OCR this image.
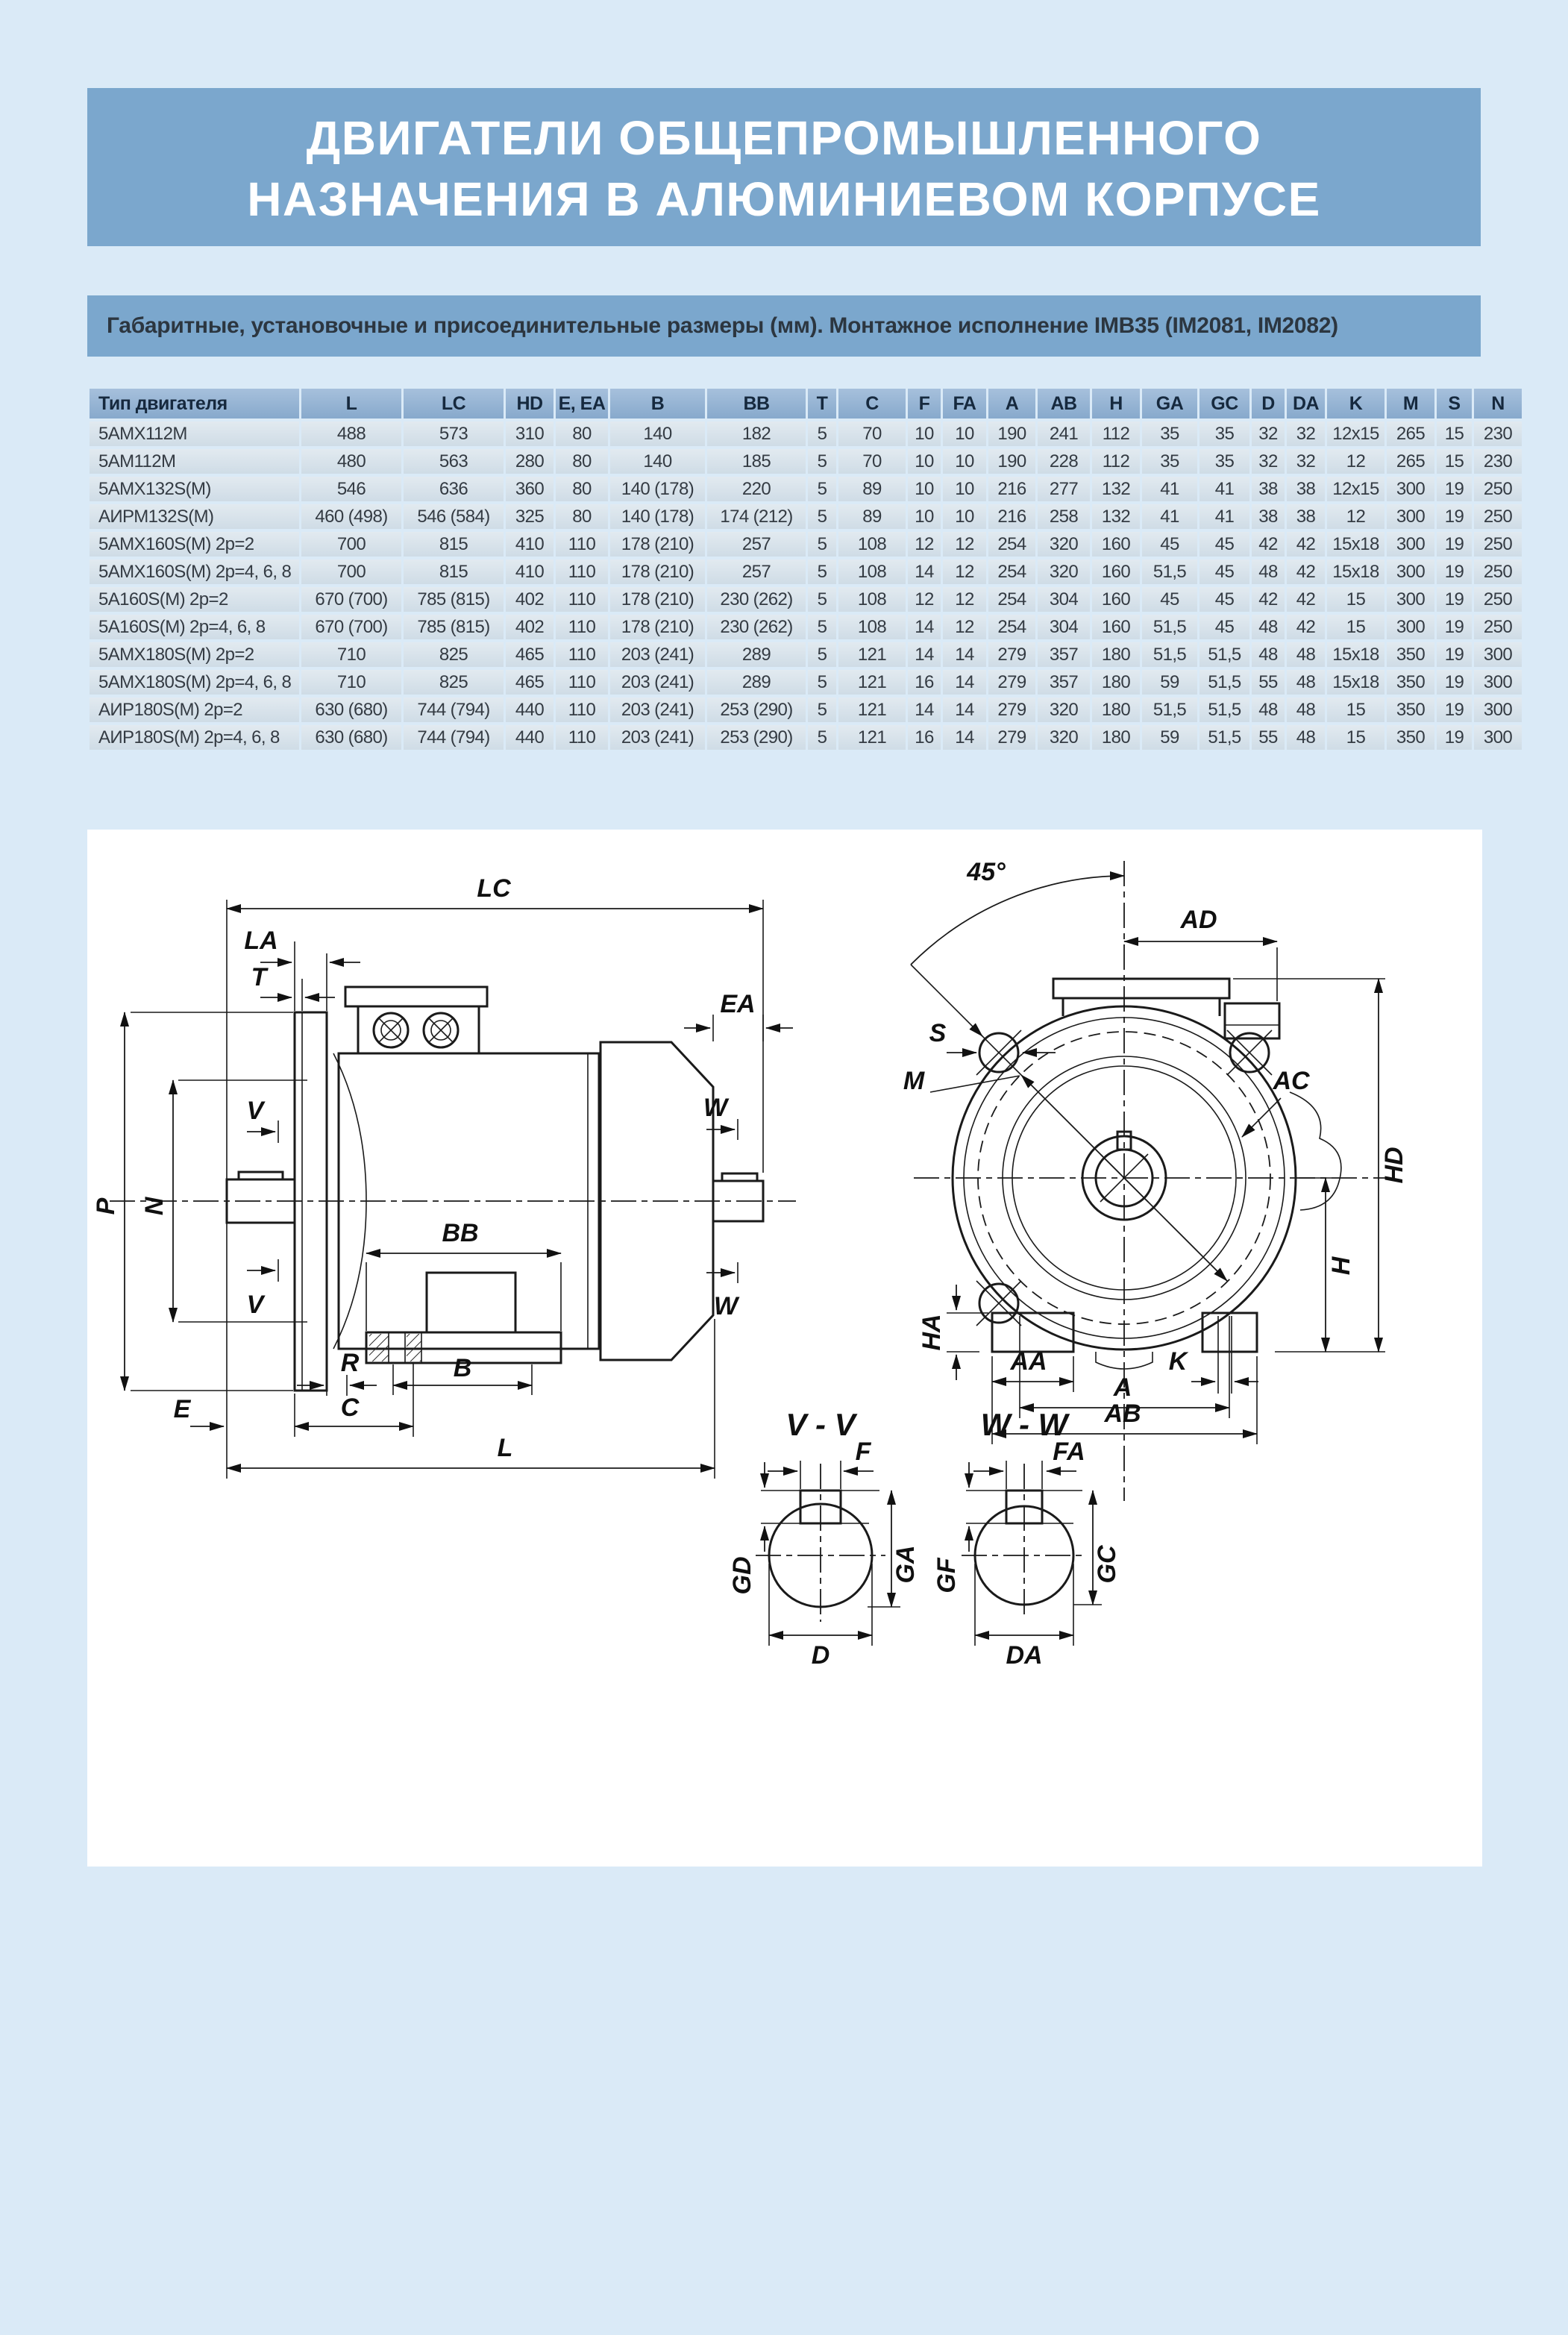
ДВИГАТЕЛИ ОБЩЕПРОМЫШЛЕННОГО
НАЗНАЧЕНИЯ В АЛЮМИНИЕВОМ КОРПУСЕ
Габаритные, установочные и присоединительные размеры (мм). Монтажное исполнение IMB35 (IM2081, IM2082)
Тип двигателя	L	LC	HD	E, EA	B	BB	T	C	F	FA	A	AB	H	GA	GC	D	DA	K	M	S	N
5АМХ112М	488	573	310	80	140	182	5	70	10	10	190	241	112	35	35	32	32	12x15	265	15	230
5АМ112М	480	563	280	80	140	185	5	70	10	10	190	228	112	35	35	32	32	12	265	15	230
5АМХ132S(М)	546	636	360	80	140 (178)	220	5	89	10	10	216	277	132	41	41	38	38	12x15	300	19	250
АИРМ132S(М)	460 (498)	546 (584)	325	80	140 (178)	174 (212)	5	89	10	10	216	258	132	41	41	38	38	12	300	19	250
5АМХ160S(М) 2p=2	700	815	410	110	178 (210)	257	5	108	12	12	254	320	160	45	45	42	42	15x18	300	19	250
5АМХ160S(М) 2p=4, 6, 8	700	815	410	110	178 (210)	257	5	108	14	12	254	320	160	51,5	45	48	42	15x18	300	19	250
5А160S(М) 2p=2	670 (700)	785 (815)	402	110	178 (210)	230 (262)	5	108	12	12	254	304	160	45	45	42	42	15	300	19	250
5А160S(М) 2p=4, 6, 8	670 (700)	785 (815)	402	110	178 (210)	230 (262)	5	108	14	12	254	304	160	51,5	45	48	42	15	300	19	250
5АМХ180S(М) 2p=2	710	825	465	110	203 (241)	289	5	121	14	14	279	357	180	51,5	51,5	48	48	15x18	350	19	300
5АМХ180S(М) 2p=4, 6, 8	710	825	465	110	203 (241)	289	5	121	16	14	279	357	180	59	51,5	55	48	15x18	350	19	300
АИР180S(М) 2p=2	630 (680)	744 (794)	440	110	203 (241)	253 (290)	5	121	14	14	279	320	180	51,5	51,5	48	48	15	350	19	300
АИР180S(М) 2p=4, 6, 8	630 (680)	744 (794)	440	110	203 (241)	253 (290)	5	121	16	14	279	320	180	59	51,5	55	48	15	350	19	300
LC
LA
T
EA
V
V
W
W
P N
BB
B
R
E	C
L
45°
AD
HD
H
HA
AA
A
AB
K
S
M	AC
V - V
F
GD	GA
D
W - W
FA
GF	GC
DA
